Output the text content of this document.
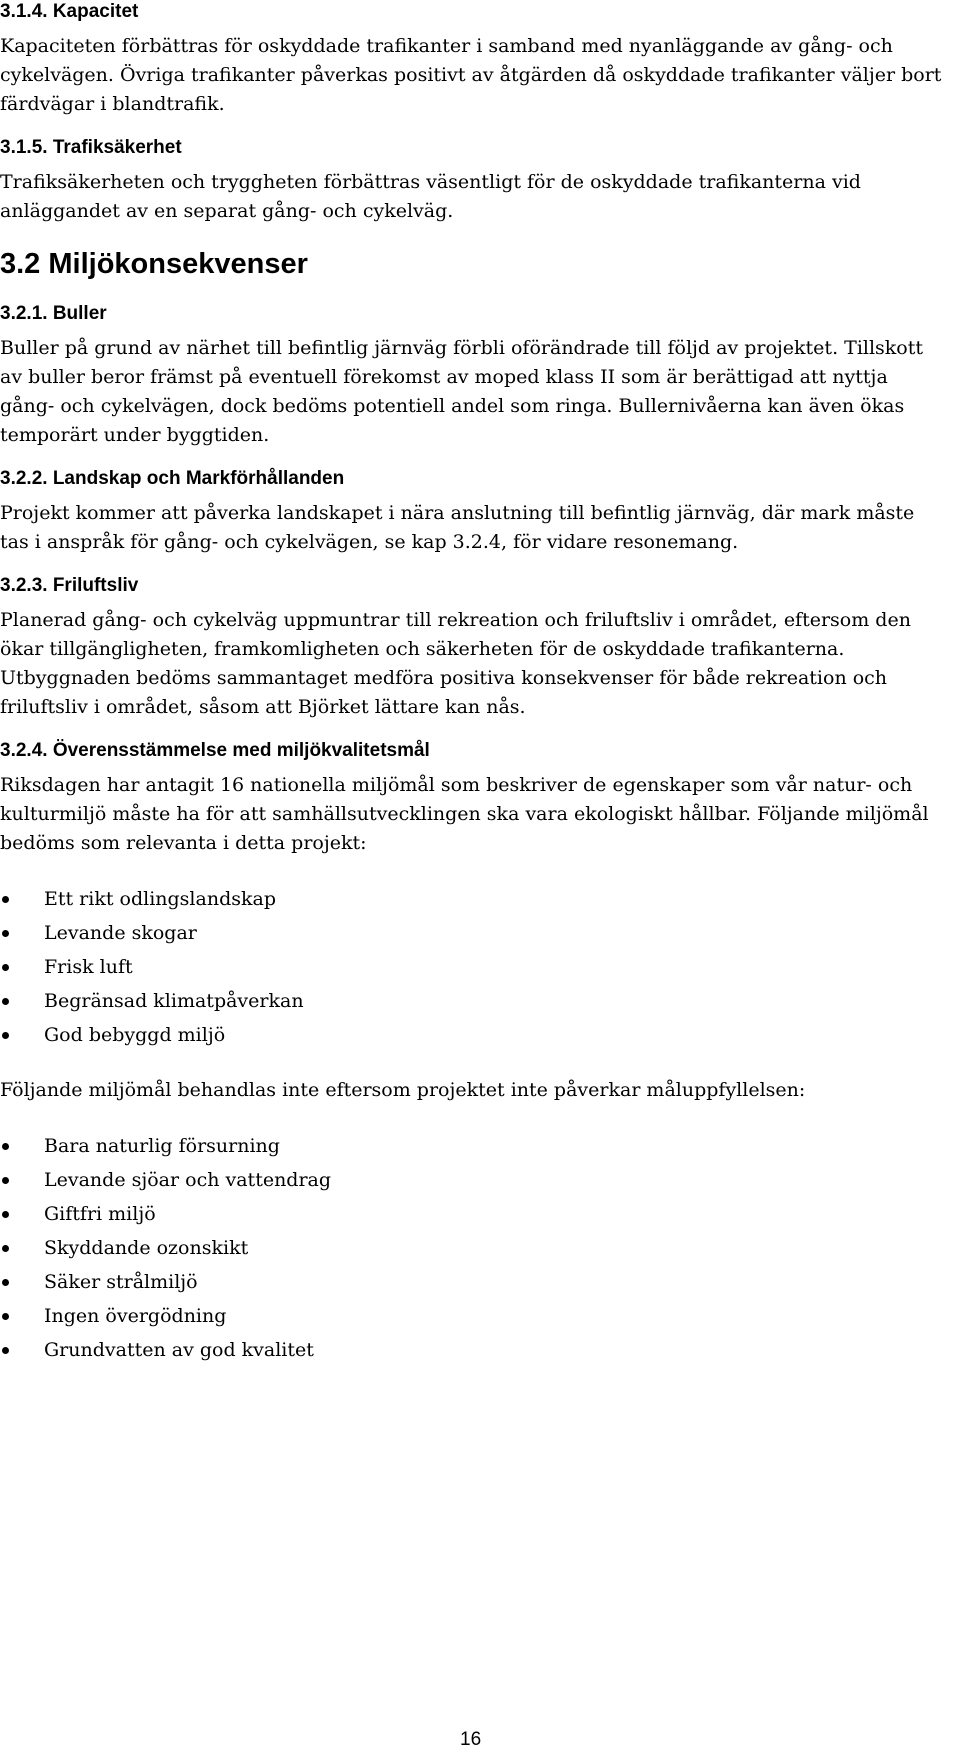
3.1.4. Kapacitet

Kapaciteten förbättras för oskyddade trafikanter i samband med nyanläggande av gång- och cykelvägen. Övriga trafikanter påverkas positivt av åtgärden då oskyddade trafikanter väljer bort färdvägar i blandtrafik.

3.1.5. Trafiksäkerhet

Trafiksäkerheten och tryggheten förbättras väsentligt för de oskyddade trafikanterna vid anläggandet av en separat gång- och cykelväg.

3.2 Miljökonsekvenser
3.2.1. Buller

Buller på grund av närhet till befintlig järnväg förbli oförändrade till följd av projektet. Tillskott av buller beror främst på eventuell förekomst av moped klass II som är berättigad att nyttja gång- och cykelvägen, dock bedöms potentiell andel som ringa. Bullernivåerna kan även ökas temporärt under byggtiden.

3.2.2. Landskap och Markförhållanden

Projekt kommer att påverka landskapet i nära anslutning till befintlig järnväg, där mark måste tas i anspråk för gång- och cykelvägen, se kap 3.2.4, för vidare resonemang.

3.2.3. Friluftsliv

Planerad gång- och cykelväg uppmuntrar till rekreation och friluftsliv i området, eftersom den ökar tillgängligheten, framkomligheten och säkerheten för de oskyddade trafikanterna. Utbyggnaden bedöms sammantaget medföra positiva konsekvenser för både rekreation och friluftsliv i området, såsom att Björket lättare kan nås.

3.2.4. Överensstämmelse med miljökvalitetsmål

Riksdagen har antagit 16 nationella miljömål som beskriver de egenskaper som vår natur- och kulturmiljö måste ha för att samhällsutvecklingen ska vara ekologiskt hållbar. Följande miljömål bedöms som relevanta i detta projekt:

Ett rikt odlingslandskap
Levande skogar
Frisk luft
Begränsad klimatpåverkan
God bebyggd miljö

Följande miljömål behandlas inte eftersom projektet inte påverkar måluppfyllelsen:

Bara naturlig försurning
Levande sjöar och vattendrag
Giftfri miljö
Skyddande ozonskikt
Säker strålmiljö
Ingen övergödning
Grundvatten av god kvalitet
16
